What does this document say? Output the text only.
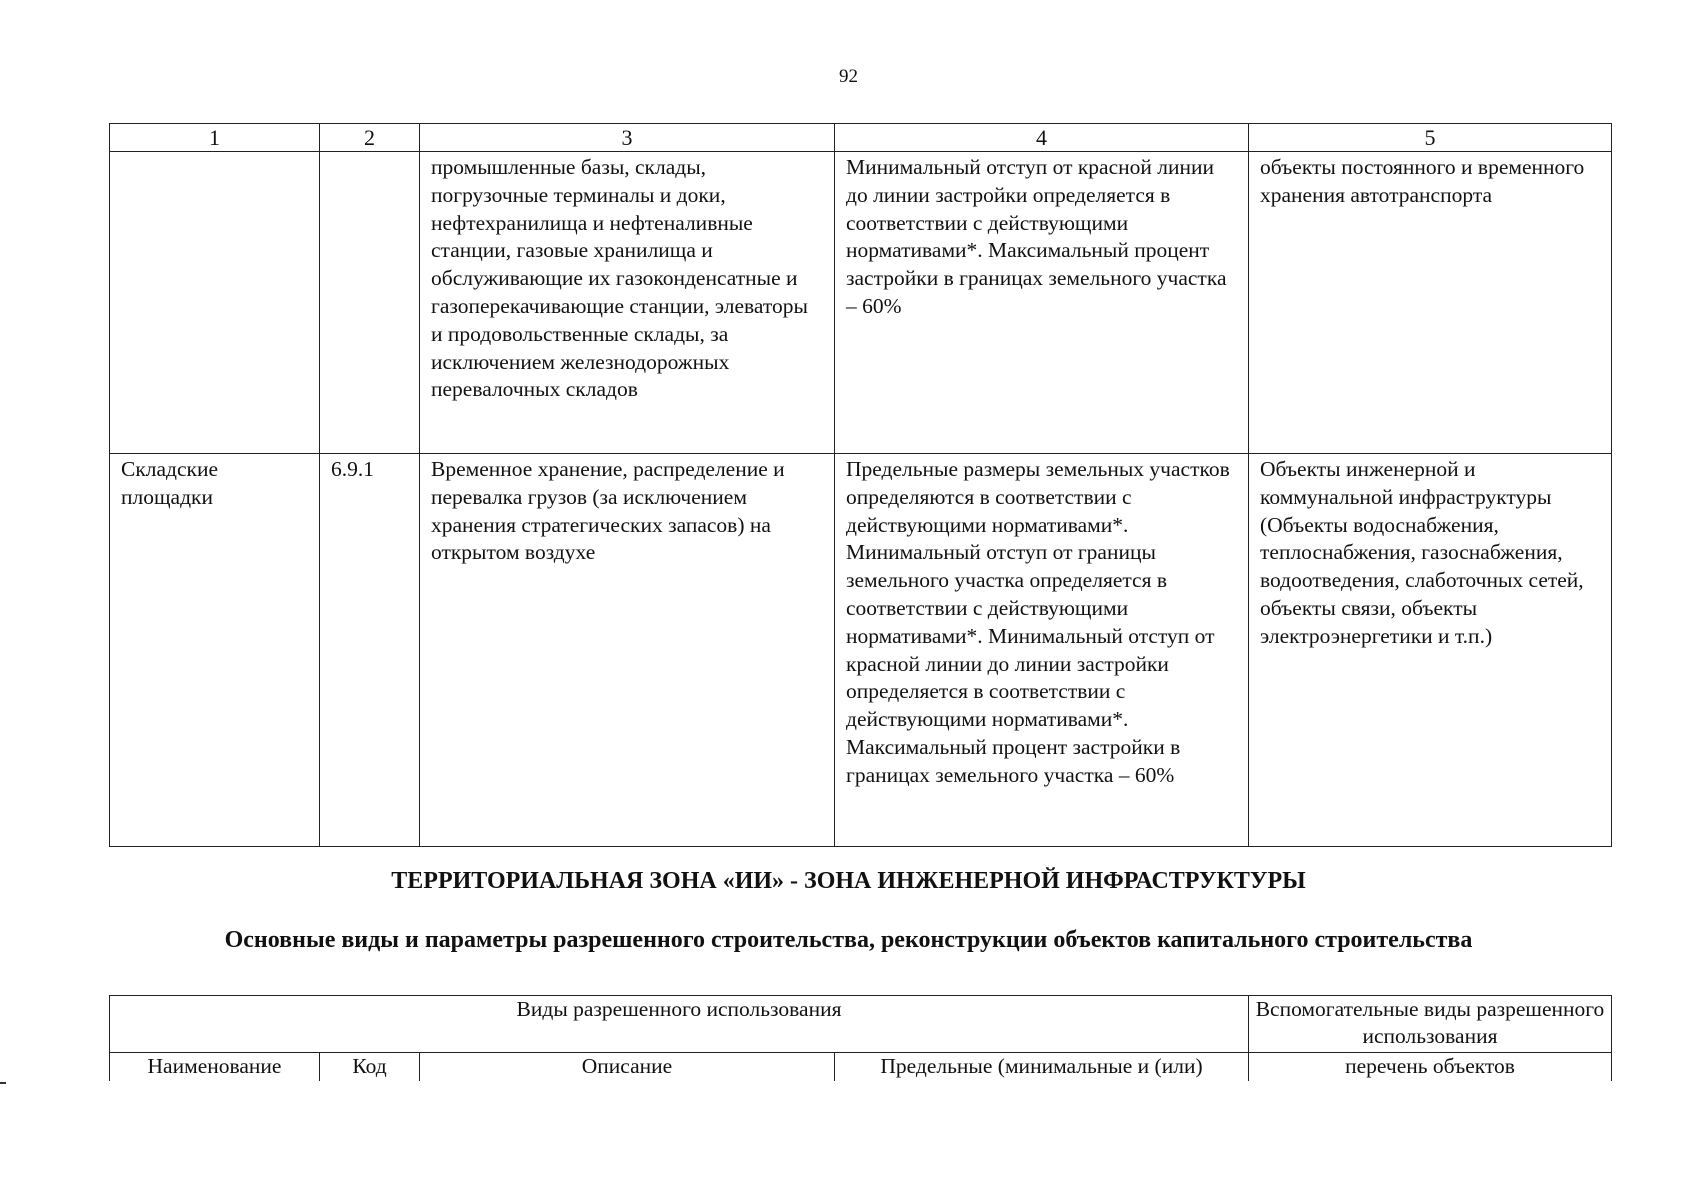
92
1	2	3	4	5
		промышленные базы, склады, погрузочные терминалы и доки, нефтехранилища и нефтеналивные станции, газовые хранилища и обслуживающие их газоконденсатные и газоперекачивающие станции, элеваторы и продовольственные склады, за исключением железнодорожных перевалочных складов	Минимальный отступ от красной линии до линии застройки определяется в соответствии с действующими нормативами*. Максимальный процент застройки в границах земельного участка – 60%	объекты постоянного и временного хранения автотранспорта
Складские площадки	6.9.1	Временное хранение, распределение и перевалка грузов (за исключением хранения стратегических запасов) на открытом воздухе	Предельные размеры земельных участков определяются в соответствии с действующими нормативами*. Минимальный отступ от границы земельного участка определяется в соответствии с действующими нормативами*. Минимальный отступ от красной линии до линии застройки определяется в соответствии с действующими нормативами*. Максимальный процент застройки в границах земельного участка – 60%	Объекты инженерной и коммунальной инфраструктуры (Объекты водоснабжения, теплоснабжения, газоснабжения, водоотведения, слаботочных сетей, объекты связи, объекты электроэнергетики и т.п.)
ТЕРРИТОРИАЛЬНАЯ ЗОНА «ИИ» - ЗОНА ИНЖЕНЕРНОЙ ИНФРАСТРУКТУРЫ
Основные виды и параметры разрешенного строительства, реконструкции объектов капитального строительства
Виды разрешенного использования				Вспомогательные виды разрешенного использования
Наименование	Код	Описание	Предельные (минимальные и (или)	перечень объектов
